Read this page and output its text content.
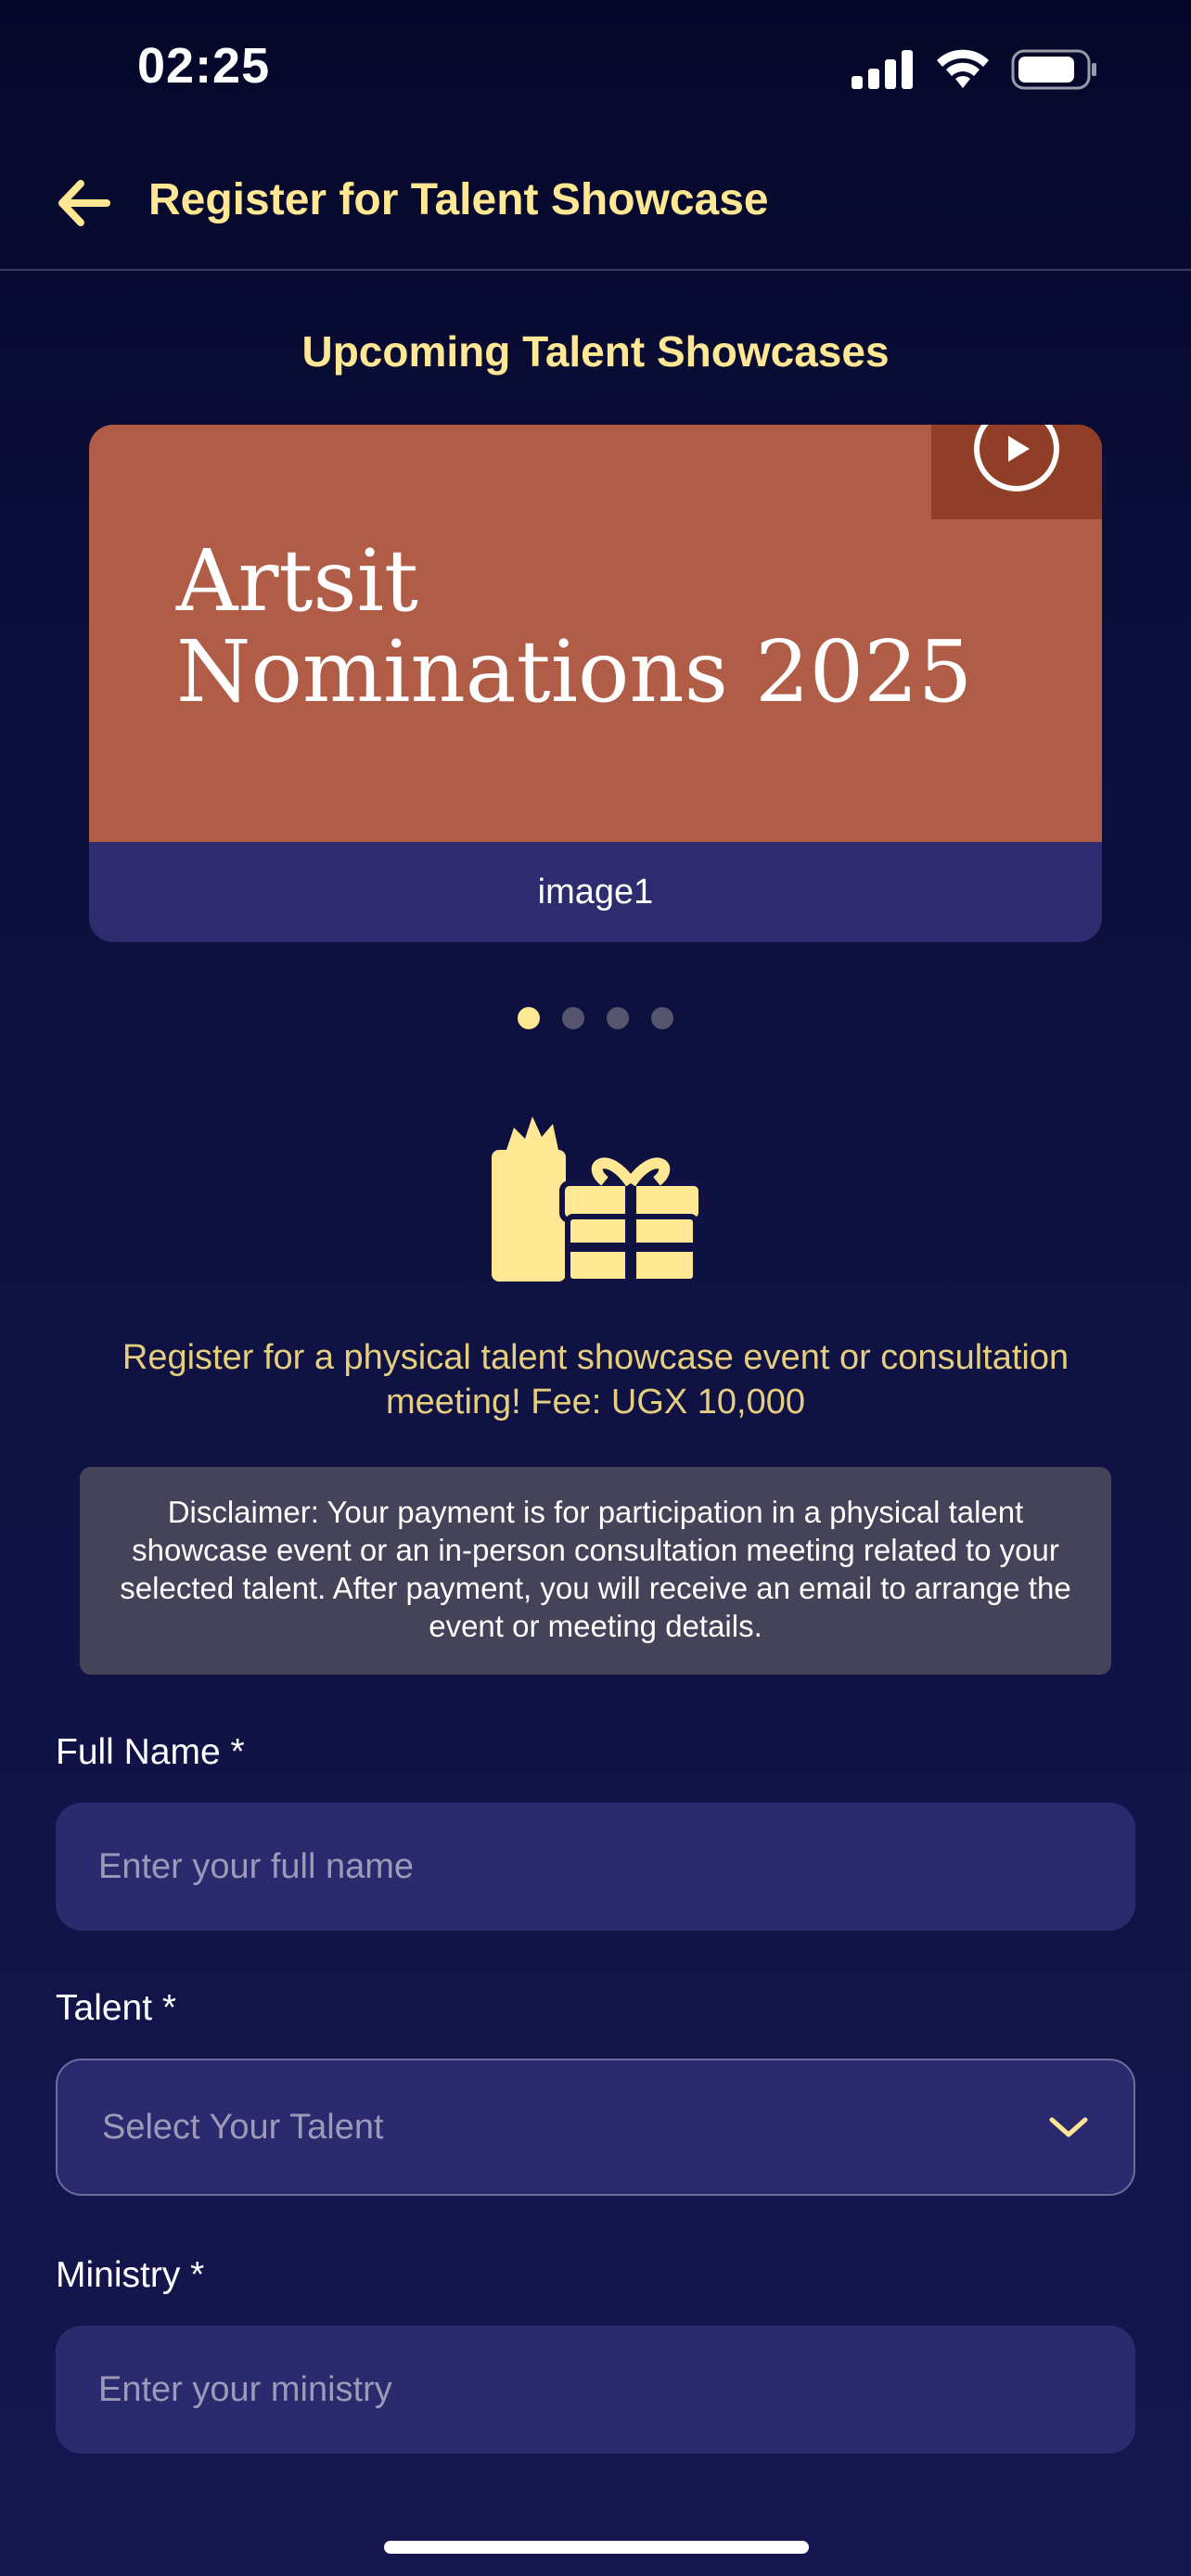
02:25
Register for Talent Showcase
Upcoming Talent Showcases
Artsit
Nominations 2025
image1
Register for a physical talent showcase event or consultation meeting! Fee: UGX 10,000
Disclaimer: Your payment is for participation in a physical talent showcase event or an in-person consultation meeting related to your selected talent. After payment, you will receive an email to arrange the event or meeting details.
Full Name *
Enter your full name
Talent *
Select Your Talent
Ministry *
Enter your ministry
